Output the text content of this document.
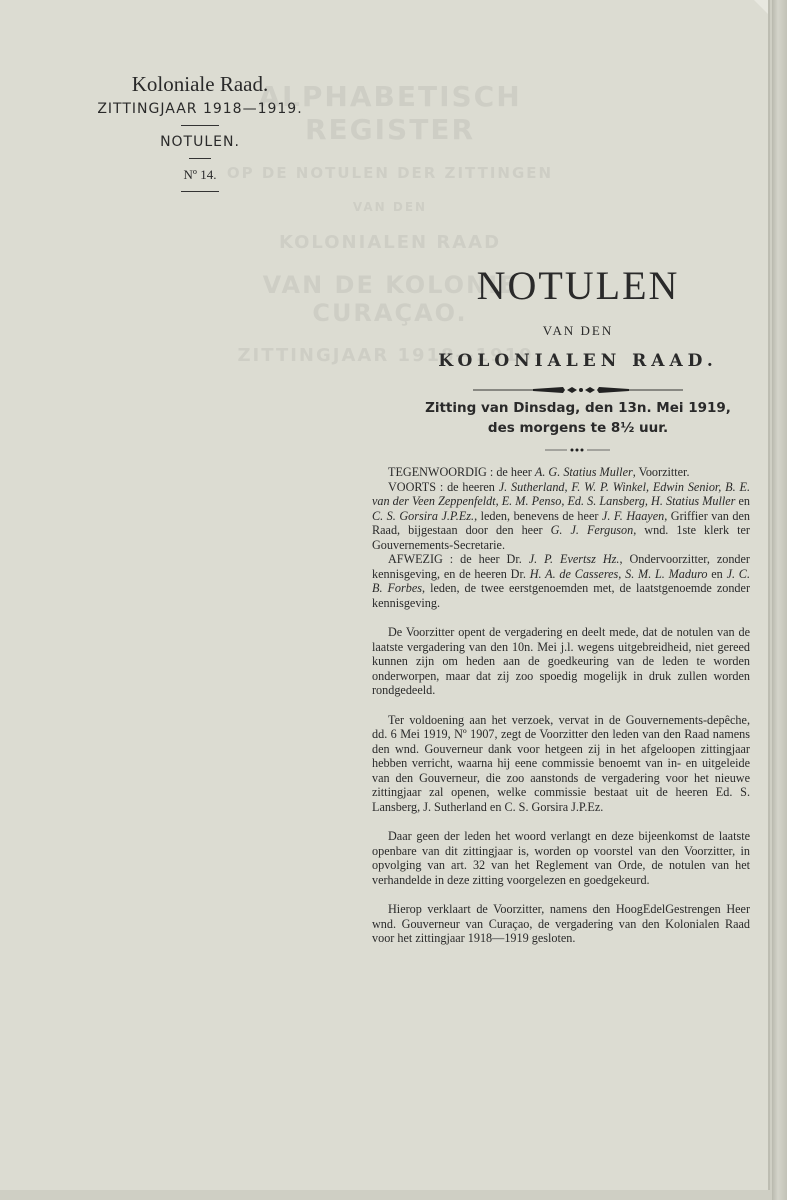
ALPHABETISCH REGISTER
OP DE NOTULEN DER ZITTINGEN
VAN DEN
KOLONIALEN RAAD
VAN DE KOLONIE CURAÇAO.
ZITTINGJAAR 1918—1919.
Koloniale Raad.
ZITTINGJAAR 1918—1919.
NOTULEN.
Nº 14.
NOTULEN
VAN DEN
KOLONIALEN RAAD.
Zitting van Dinsdag, den 13n. Mei 1919,
des morgens te 8½ uur.

TEGENWOORDIG : de heer A. G. Statius Muller, Voorzitter.

VOORTS : de heeren J. Sutherland, F. W. P. Winkel, Edwin Senior, B. E. van der Veen Zeppenfeldt, E. M. Penso, Ed. S. Lansberg, H. Statius Muller en C. S. Gorsira J.P.Ez., leden, benevens de heer J. F. Haayen, Griffier van den Raad, bijgestaan door den heer G. J. Ferguson, wnd. 1ste klerk ter Gouvernements-Secretarie.

AFWEZIG : de heer Dr. J. P. Evertsz Hz., Ondervoorzitter, zonder kennisgeving, en de heeren Dr. H. A. de Casseres, S. M. L. Maduro en J. C. B. Forbes, leden, de twee eerstgenoemden met, de laatstgenoemde zonder kennisgeving.

De Voorzitter opent de vergadering en deelt mede, dat de notulen van de laatste vergadering van den 10n. Mei j.l. wegens uitgebreidheid, niet gereed kunnen zijn om heden aan de goedkeuring van de leden te worden onderworpen, maar dat zij zoo spoedig mogelijk in druk zullen worden rondgedeeld.

Ter voldoening aan het verzoek, vervat in de Gouvernements-depêche, dd. 6 Mei 1919, Nº 1907, zegt de Voorzitter den leden van den Raad namens den wnd. Gouverneur dank voor hetgeen zij in het afgeloopen zittingjaar hebben verricht, waarna hij eene commissie benoemt van in- en uitgeleide van den Gouverneur, die zoo aanstonds de vergadering voor het nieuwe zittingjaar zal openen, welke commissie bestaat uit de heeren Ed. S. Lansberg, J. Sutherland en C. S. Gorsira J.P.Ez.

Daar geen der leden het woord verlangt en deze bijeenkomst de laatste openbare van dit zittingjaar is, worden op voorstel van den Voorzitter, in opvolging van art. 32 van het Reglement van Orde, de notulen van het verhandelde in deze zitting voorgelezen en goedgekeurd.

Hierop verklaart de Voorzitter, namens den HoogEdelGestrengen Heer wnd. Gouverneur van Curaçao, de vergadering van den Kolonialen Raad voor het zittingjaar 1918—1919 gesloten.
